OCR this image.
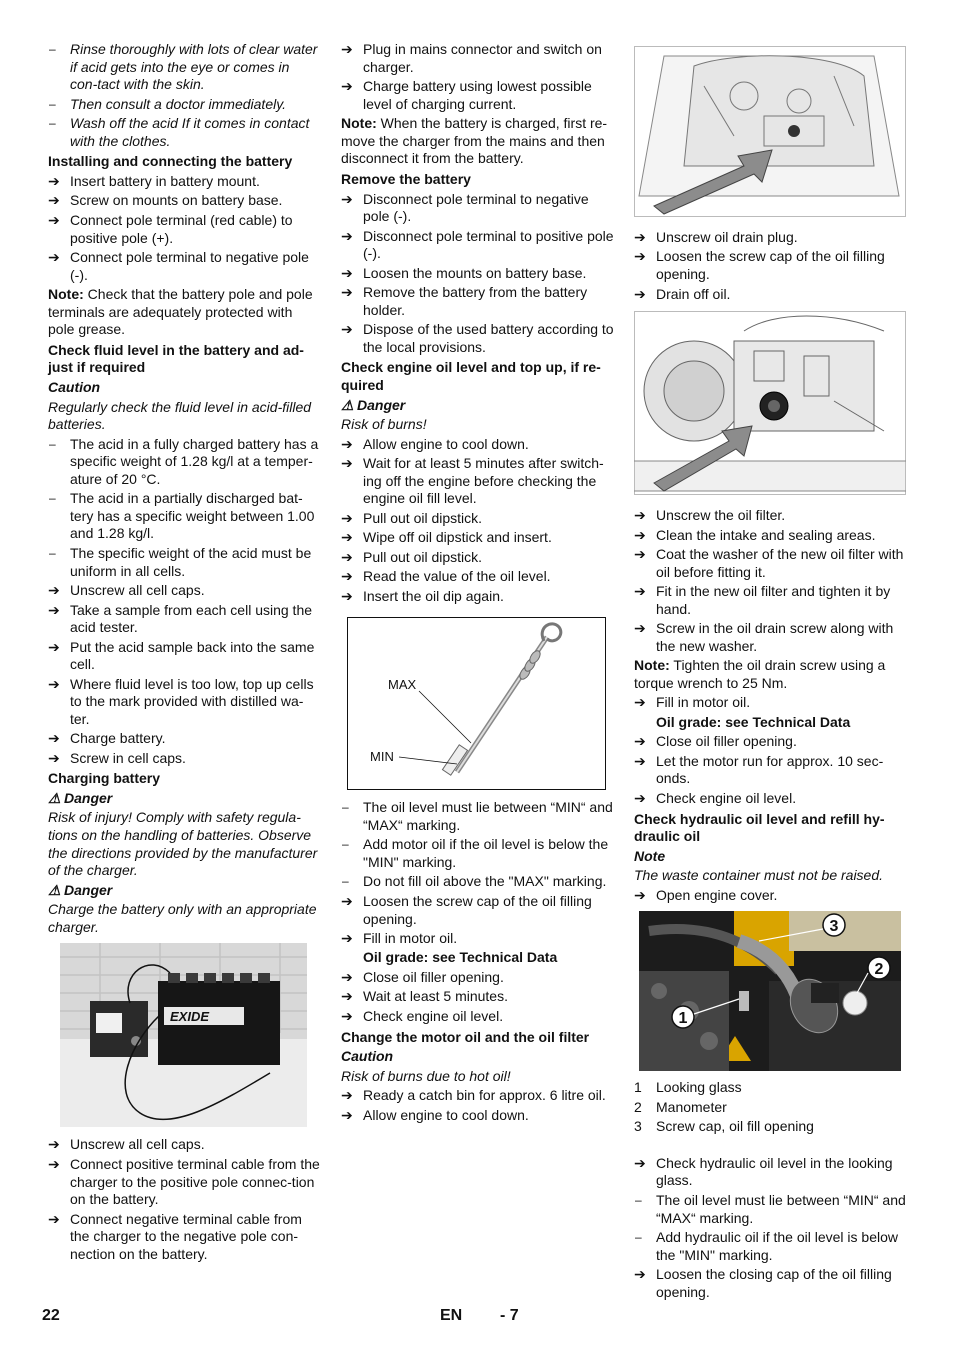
– Rinse thoroughly with lots of clear water if acid gets into the eye or comes in con-tact with the skin.
– Then consult a doctor immediately.
– Wash off the acid If it comes in contact with the clothes.
Installing and connecting the battery
➔ Insert battery in battery mount.
➔ Screw on mounts on battery base.
➔ Connect pole terminal (red cable) to positive pole (+).
➔ Connect pole terminal to negative pole (-).
Note: Check that the battery pole and pole terminals are adequately protected with pole grease.
Check fluid level in the battery and ad-just if required
Caution
Regularly check the fluid level in acid-filled batteries.
– The acid in a fully charged battery has a specific weight of 1.28 kg/l at a temper-ature of 20 °C.
– The acid in a partially discharged bat-tery has a specific weight between 1.00 and 1.28 kg/l.
– The specific weight of the acid must be uniform in all cells.
➔ Unscrew all cell caps.
➔ Take a sample from each cell using the acid tester.
➔ Put the acid sample back into the same cell.
➔ Where fluid level is too low, top up cells to the mark provided with distilled wa-ter.
➔ Charge battery.
➔ Screw in cell caps.
Charging battery
⚠ Danger
Risk of injury! Comply with safety regula-tions on the handling of batteries. Observe the directions provided by the manufacturer of the charger.
⚠ Danger
Charge the battery only with an appropriate charger.
EXIDE
➔ Unscrew all cell caps.
➔ Connect positive terminal cable from the charger to the positive pole connec-tion on the battery.
➔ Connect negative terminal cable from the charger to the negative pole con-nection on the battery.
➔ Plug in mains connector and switch on charger.
➔ Charge battery using lowest possible level of charging current.
Note: When the battery is charged, first re-move the charger from the mains and then disconnect it from the battery.
Remove the battery
➔ Disconnect pole terminal to negative pole (-).
➔ Disconnect pole terminal to positive pole (-).
➔ Loosen the mounts on battery base.
➔ Remove the battery from the battery holder.
➔ Dispose of the used battery according to the local provisions.
Check engine oil level and top up, if re-quired
⚠ Danger
Risk of burns!
➔ Allow engine to cool down.
➔ Wait for at least 5 minutes after switch-ing off the engine before checking the engine oil fill level.
➔ Pull out oil dipstick.
➔ Wipe off oil dipstick and insert.
➔ Pull out oil dipstick.
➔ Read the value of the oil level.
➔ Insert the oil dip again.
MAX
MIN
– The oil level must lie between “MIN“ and “MAX“ marking.
– Add motor oil if the oil level is below the "MIN" marking.
– Do not fill oil above the "MAX" marking.
➔ Loosen the screw cap of the oil filling opening.
➔ Fill in motor oil.
Oil grade: see Technical Data
➔ Close oil filler opening.
➔ Wait at least 5 minutes.
➔ Check engine oil level.
Change the motor oil and the oil filter
Caution
Risk of burns due to hot oil!
➔ Ready a catch bin for approx. 6 litre oil.
➔ Allow engine to cool down.
➔ Unscrew oil drain plug.
➔ Loosen the screw cap of the oil filling opening.
➔ Drain off oil.
➔ Unscrew the oil filter.
➔ Clean the intake and sealing areas.
➔ Coat the washer of the new oil filter with oil before fitting it.
➔ Fit in the new oil filter and tighten it by hand.
➔ Screw in the oil drain screw along with the new washer.
Note: Tighten the oil drain screw using a torque wrench to 25 Nm.
➔ Fill in motor oil.
Oil grade: see Technical Data
➔ Close oil filler opening.
➔ Let the motor run for approx. 10 sec-onds.
➔ Check engine oil level.
Check hydraulic oil level and refill hy-draulic oil
Note
The waste container must not be raised.
➔ Open engine cover.
3
2
1
1 Looking glass
2 Manometer
3 Screw cap, oil fill opening
➔ Check hydraulic oil level in the looking glass.
– The oil level must lie between “MIN“ and “MAX“ marking.
– Add hydraulic oil if the oil level is below the "MIN" marking.
➔ Loosen the closing cap of the oil filling opening.
22	EN - 7
